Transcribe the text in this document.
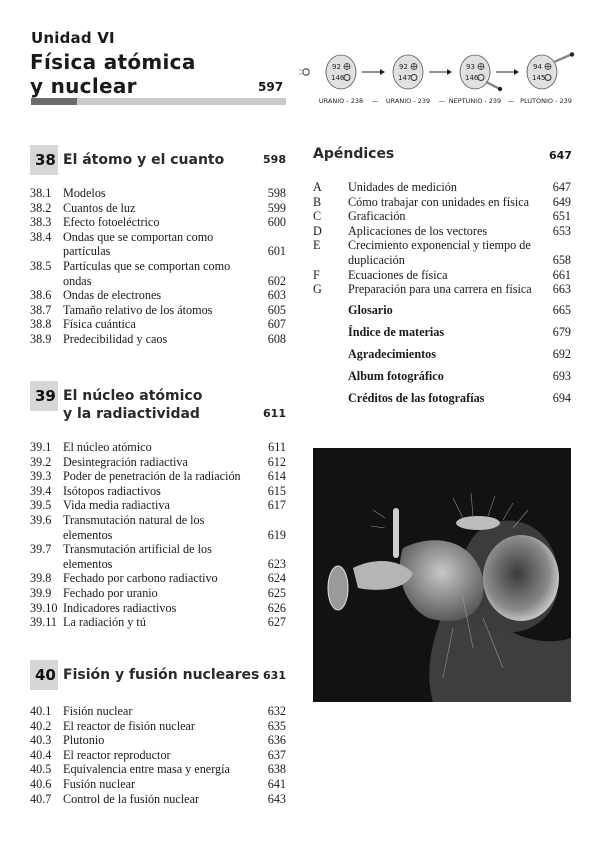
Unidad VI
Física atómica
y nuclear	597
92
146
92
147
93
146
94
145
URANIO - 238 — URANIO - 239 — NEPTUNIO - 239 — PLUTONIO - 239
38 El átomo y el cuanto	598
38.1 Modelos	598
38.2 Cuantos de luz	599
38.3 Efecto fotoeléctrico	600
38.4 Ondas que se comportan como partículas	601
38.5 Partículas que se comportan como ondas	602
38.6 Ondas de electrones	603
38.7 Tamaño relativo de los átomos	605
38.8 Física cuántica	607
38.9 Predecibilidad y caos	608
39 El núcleo atómico
y la radiactividad	611
39.1 El núcleo atómico	611
39.2 Desintegración radiactiva	612
39.3 Poder de penetración de la radiación 614
39.4 Isótopos radiactivos	615
39.5 Vida media radiactiva	617
39.6 Transmutación natural de los elementos	619
39.7 Transmutación artificial de los elementos	623
39.8 Fechado por carbono radiactivo	624
39.9 Fechado por uranio	625
39.10 Indicadores radiactivos	626
39.11 La radiación y tú	627
40 Fisión y fusión nucleares 631
40.1 Fisión nuclear	632
40.2 El reactor de fisión nuclear	635
40.3 Plutonio	636
40.4 El reactor reproductor	637
40.5 Equivalencia entre masa y energía	638
40.6 Fusión nuclear	641
40.7 Control de la fusión nuclear	643
Apéndices	647
A Unidades de medición	647
B Cómo trabajar con unidades en física	649
C Graficación	651
D Aplicaciones de los vectores	653
E Crecimiento exponencial y tiempo de duplicación	658
F Ecuaciones de física	661
G Preparación para una carrera en física	663
Glosario	665
Índice de materias	679
Agradecimientos	692
Album fotográfico	693
Créditos de las fotografías	694
